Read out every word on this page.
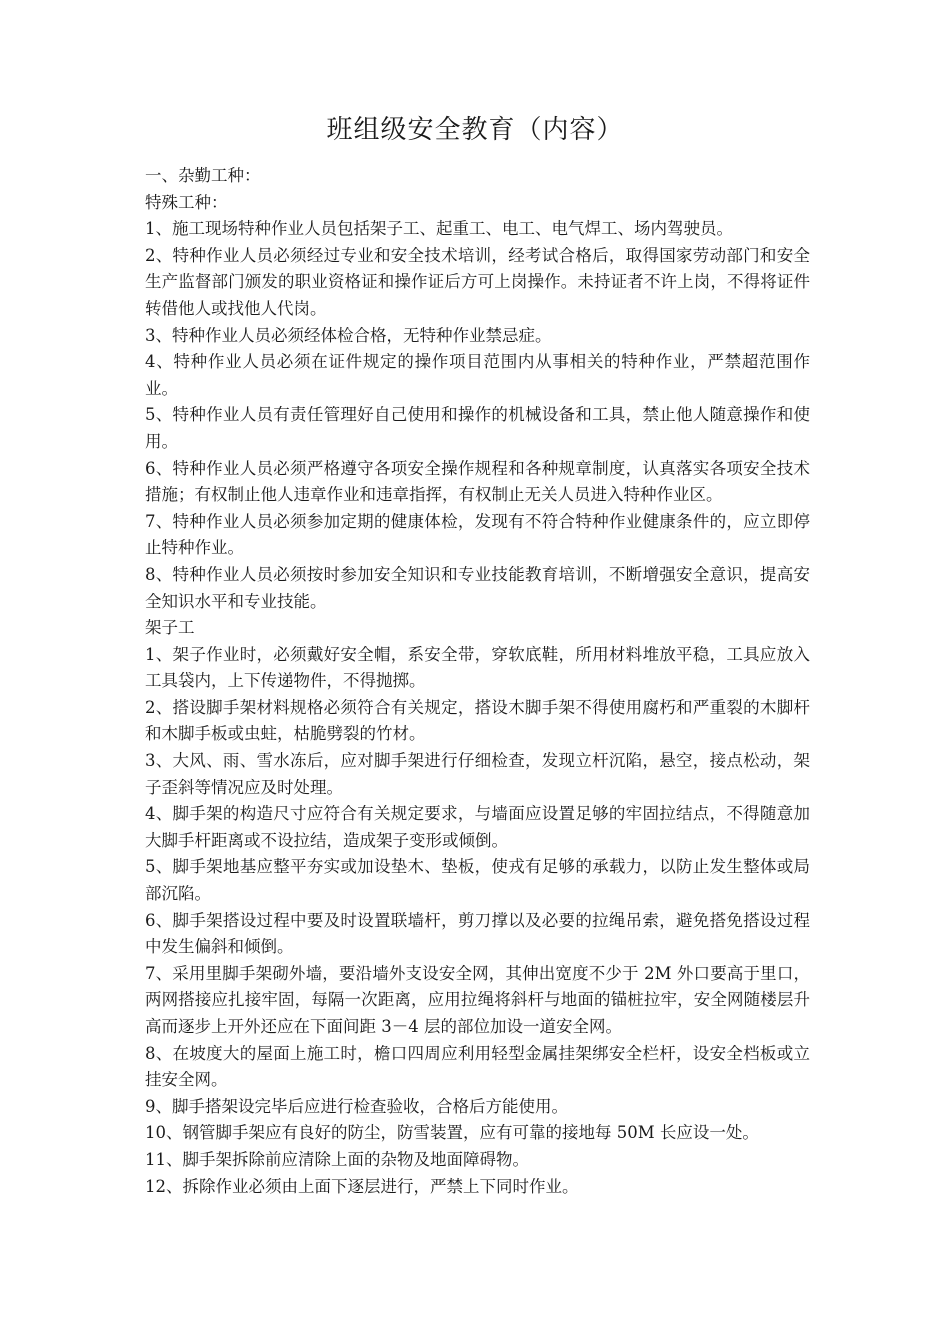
班组级安全教育（内容）

一、杂勤工种：

特殊工种：

1、施工现场特种作业人员包括架子工、起重工、电工、电气焊工、场内驾驶员。

2、特种作业人员必须经过专业和安全技术培训，经考试合格后，取得国家劳动部门和安全生产监督部门颁发的职业资格证和操作证后方可上岗操作。未持证者不许上岗，不得将证件转借他人或找他人代岗。

3、特种作业人员必须经体检合格，无特种作业禁忌症。

4、特种作业人员必须在证件规定的操作项目范围内从事相关的特种作业，严禁超范围作业。

5、特种作业人员有责任管理好自己使用和操作的机械设备和工具，禁止他人随意操作和使用。

6、特种作业人员必须严格遵守各项安全操作规程和各种规章制度，认真落实各项安全技术措施；有权制止他人违章作业和违章指挥，有权制止无关人员进入特种作业区。

7、特种作业人员必须参加定期的健康体检，发现有不符合特种作业健康条件的，应立即停止特种作业。

8、特种作业人员必须按时参加安全知识和专业技能教育培训，不断增强安全意识，提高安全知识水平和专业技能。

架子工

1、架子作业时，必须戴好安全帽，系安全带，穿软底鞋，所用材料堆放平稳，工具应放入工具袋内，上下传递物件，不得抛掷。

2、搭设脚手架材料规格必须符合有关规定，搭设木脚手架不得使用腐朽和严重裂的木脚杆和木脚手板或虫蛀，枯脆劈裂的竹材。

3、大风、雨、雪水冻后，应对脚手架进行仔细检查，发现立杆沉陷，悬空，接点松动，架子歪斜等情况应及时处理。

4、脚手架的构造尺寸应符合有关规定要求，与墙面应设置足够的牢固拉结点，不得随意加大脚手杆距离或不设拉结，造成架子变形或倾倒。

5、脚手架地基应整平夯实或加设垫木、垫板，使戎有足够的承载力，以防止发生整体或局部沉陷。

6、脚手架搭设过程中要及时设置联墙杆，剪刀撑以及必要的拉绳吊索，避免搭免搭设过程中发生偏斜和倾倒。

7、采用里脚手架砌外墙，要沿墙外支设安全网，其伸出宽度不少于 2M 外口要高于里口，两网搭接应扎接牢固，每隔一次距离，应用拉绳将斜杆与地面的锚桩拉牢，安全网随楼层升高而逐步上开外还应在下面间距 3－4 层的部位加设一道安全网。

8、在坡度大的屋面上施工时，檐口四周应利用轻型金属挂架绑安全栏杆，设安全档板或立挂安全网。

9、脚手搭架设完毕后应进行检查验收，合格后方能使用。

10、钢管脚手架应有良好的防尘，防雪装置，应有可靠的接地每 50M 长应设一处。

11、脚手架拆除前应清除上面的杂物及地面障碍物。

12、拆除作业必须由上面下逐层进行，严禁上下同时作业。
